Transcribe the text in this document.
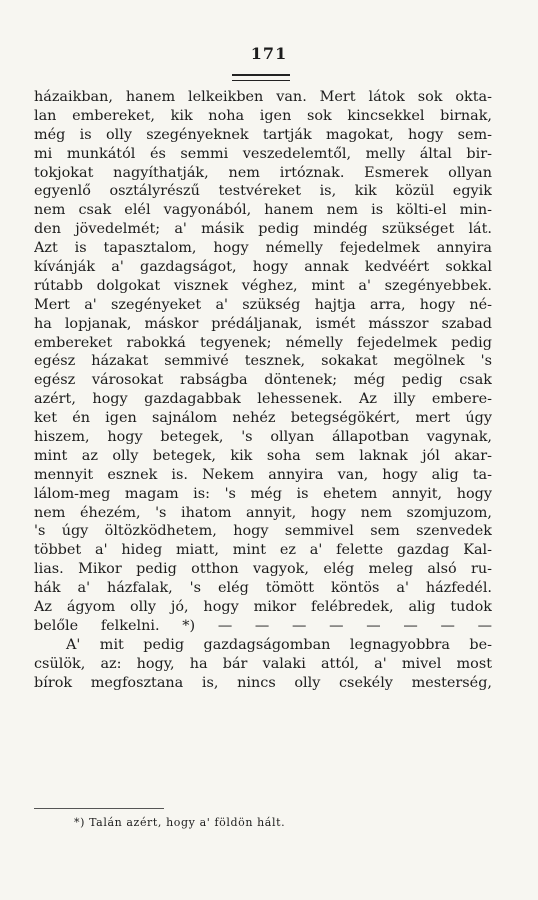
171
házaikban, hanem lelkeikben van. Mert látok sok okta-
lan embereket, kik noha igen sok kincsekkel birnak,
még is olly szegényeknek tartják magokat, hogy sem-
mi munkától és semmi veszedelemtől, melly által bir-
tokjokat nagyíthatják, nem irtóznak. Esmerek ollyan
egyenlő osztályrészű testvéreket is, kik közül egyik
nem csak elél vagyonából, hanem nem is költi-el min-
den jövedelmét; a' másik pedig mindég szükséget lát.
Azt is tapasztalom, hogy némelly fejedelmek annyira
kívánják a' gazdagságot, hogy annak kedvéért sokkal
rútabb dolgokat visznek véghez, mint a' szegényebbek.
Mert a' szegényeket a' szükség hajtja arra, hogy né-
ha lopjanak, máskor prédáljanak, ismét másszor szabad
embereket rabokká tegyenek; némelly fejedelmek pedig
egész házakat semmivé tesznek, sokakat megölnek 's
egész városokat rabságba döntenek; még pedig csak
azért, hogy gazdagabbak lehessenek. Az illy embere-
ket én igen sajnálom nehéz betegségökért, mert úgy
hiszem, hogy betegek, 's ollyan állapotban vagynak,
mint az olly betegek, kik soha sem laknak jól akar-
mennyit esznek is. Nekem annyira van, hogy alig ta-
lálom-meg magam is: 's még is ehetem annyit, hogy
nem éhezém, 's ihatom annyit, hogy nem szomjuzom,
's úgy öltözködhetem, hogy semmivel sem szenvedek
többet a' hideg miatt, mint ez a' felette gazdag Kal-
lias. Mikor pedig otthon vagyok, elég meleg alsó ru-
hák a' házfalak, 's elég tömött köntös a' házfedél.
Az ágyom olly jó, hogy mikor felébredek, alig tudok
belőle felkelni. *) — — — — — — — —
A' mit pedig gazdagságomban legnagyobbra be-
csülök, az: hogy, ha bár valaki attól, a' mivel most
bírok megfosztana is, nincs olly csekély mesterség,
*) Talán azért, hogy a' földön hált.
